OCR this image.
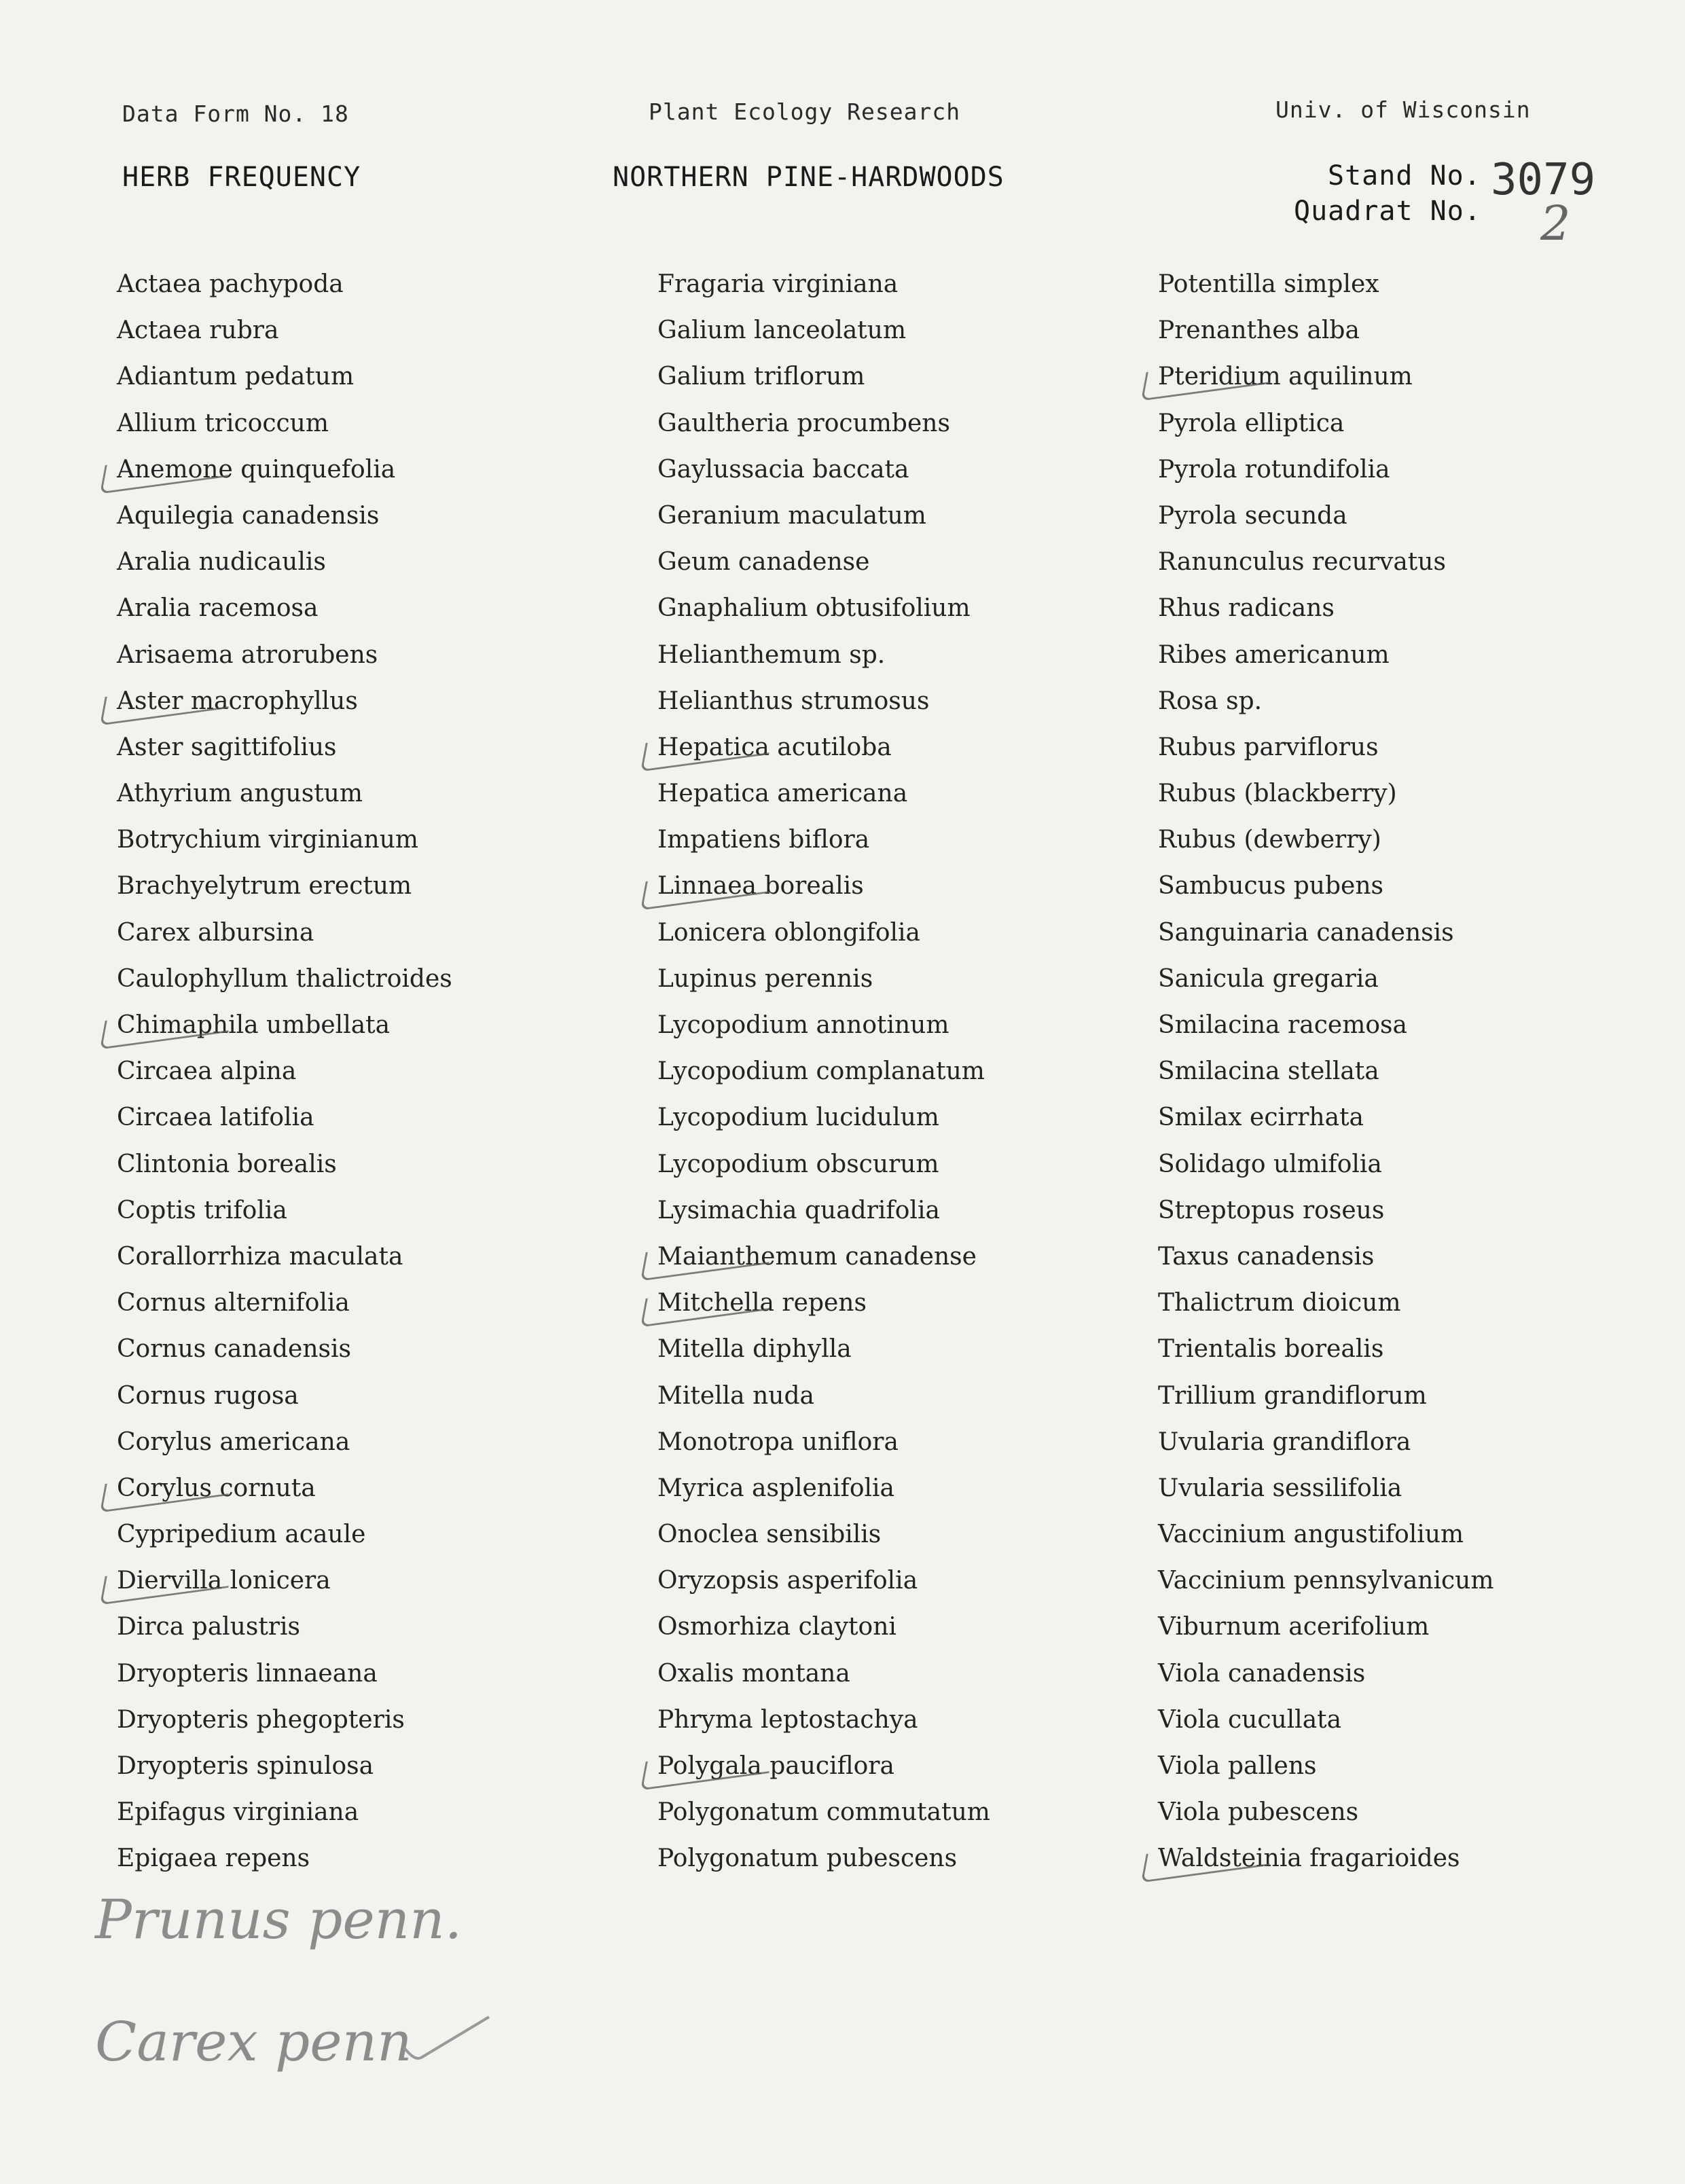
Data Form No. 18	Plant Ecology Research	Univ. of Wisconsin
HERB FREQUENCY	NORTHERN PINE-HARDWOODS	Stand No.
Quadrat No.
3079
2
Actaea pachypoda
Actaea rubra
Adiantum pedatum
Allium tricoccum
Anemone quinquefolia
Aquilegia canadensis
Aralia nudicaulis
Aralia racemosa
Arisaema atrorubens
Aster macrophyllus
Aster sagittifolius
Athyrium angustum
Botrychium virginianum
Brachyelytrum erectum
Carex albursina
Caulophyllum thalictroides
Chimaphila umbellata
Circaea alpina
Circaea latifolia
Clintonia borealis
Coptis trifolia
Corallorrhiza maculata
Cornus alternifolia
Cornus canadensis
Cornus rugosa
Corylus americana
Corylus cornuta
Cypripedium acaule
Diervilla lonicera
Dirca palustris
Dryopteris linnaeana
Dryopteris phegopteris
Dryopteris spinulosa
Epifagus virginiana
Epigaea repens
Fragaria virginiana
Galium lanceolatum
Galium triflorum
Gaultheria procumbens
Gaylussacia baccata
Geranium maculatum
Geum canadense
Gnaphalium obtusifolium
Helianthemum sp.
Helianthus strumosus
Hepatica acutiloba
Hepatica americana
Impatiens biflora
Linnaea borealis
Lonicera oblongifolia
Lupinus perennis
Lycopodium annotinum
Lycopodium complanatum
Lycopodium lucidulum
Lycopodium obscurum
Lysimachia quadrifolia
Maianthemum canadense
Mitchella repens
Mitella diphylla
Mitella nuda
Monotropa uniflora
Myrica asplenifolia
Onoclea sensibilis
Oryzopsis asperifolia
Osmorhiza claytoni
Oxalis montana
Phryma leptostachya
Polygala pauciflora
Polygonatum commutatum
Polygonatum pubescens
Potentilla simplex
Prenanthes alba
Pteridium aquilinum
Pyrola elliptica
Pyrola rotundifolia
Pyrola secunda
Ranunculus recurvatus
Rhus radicans
Ribes americanum
Rosa sp.
Rubus parviflorus
Rubus (blackberry)
Rubus (dewberry)
Sambucus pubens
Sanguinaria canadensis
Sanicula gregaria
Smilacina racemosa
Smilacina stellata
Smilax ecirrhata
Solidago ulmifolia
Streptopus roseus
Taxus canadensis
Thalictrum dioicum
Trientalis borealis
Trillium grandiflorum
Uvularia grandiflora
Uvularia sessilifolia
Vaccinium angustifolium
Vaccinium pennsylvanicum
Viburnum acerifolium
Viola canadensis
Viola cucullata
Viola pallens
Viola pubescens
Waldsteinia fragarioides
Prunus penn.
Carex penn
